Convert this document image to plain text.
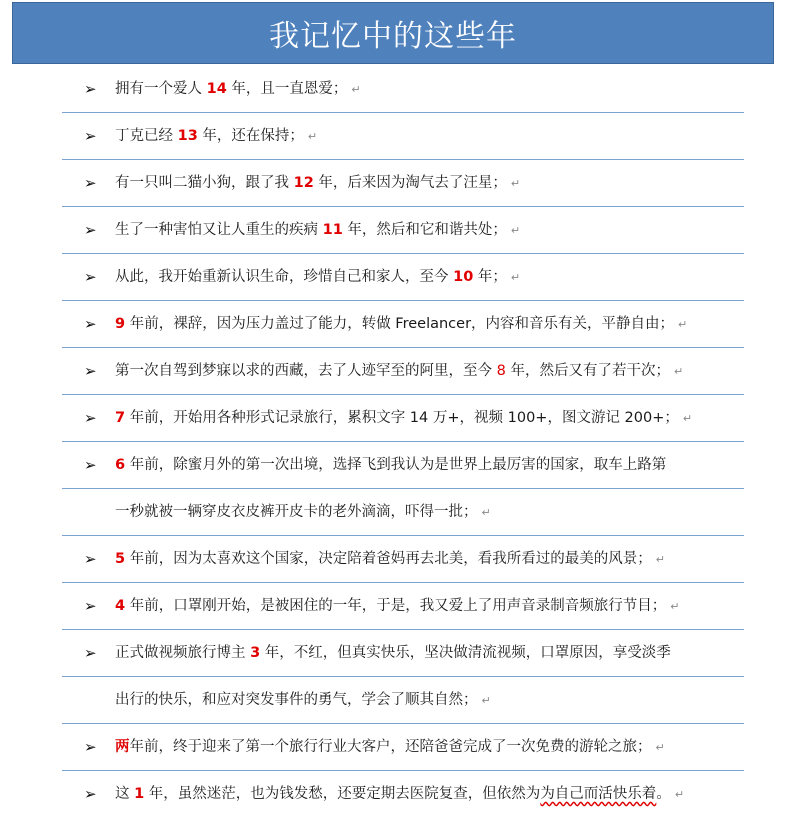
我记忆中的这些年
➢ 拥有一个爱人 14 年，且一直恩爱； ↵
➢ 丁克已经 13 年，还在保持； ↵
➢ 有一只叫二猫小狗，跟了我 12 年，后来因为淘气去了汪星； ↵
➢ 生了一种害怕又让人重生的疾病 11 年，然后和它和谐共处； ↵
➢ 从此，我开始重新认识生命，珍惜自己和家人，至今 10 年； ↵
➢ 9 年前，裸辞，因为压力盖过了能力，转做 Freelancer，内容和音乐有关，平静自由； ↵
➢ 第一次自驾到梦寐以求的西藏，去了人迹罕至的阿里，至今 8 年，然后又有了若干次； ↵
➢ 7 年前，开始用各种形式记录旅行，累积文字 14 万+，视频 100+，图文游记 200+； ↵
➢ 6 年前，除蜜月外的第一次出境，选择飞到我认为是世界上最厉害的国家，取车上路第
一秒就被一辆穿皮衣皮裤开皮卡的老外滴滴，吓得一批； ↵
➢ 5 年前，因为太喜欢这个国家，决定陪着爸妈再去北美，看我所看过的最美的风景； ↵
➢ 4 年前，口罩刚开始，是被困住的一年，于是，我又爱上了用声音录制音频旅行节目； ↵
➢ 正式做视频旅行博主 3 年，不红，但真实快乐，坚决做清流视频，口罩原因，享受淡季
出行的快乐，和应对突发事件的勇气，学会了顺其自然； ↵
➢ 两年前，终于迎来了第一个旅行行业大客户，还陪爸爸完成了一次免费的游轮之旅； ↵
➢ 这 1 年，虽然迷茫，也为钱发愁，还要定期去医院复查，但依然为为自己而活快乐着。 ↵
